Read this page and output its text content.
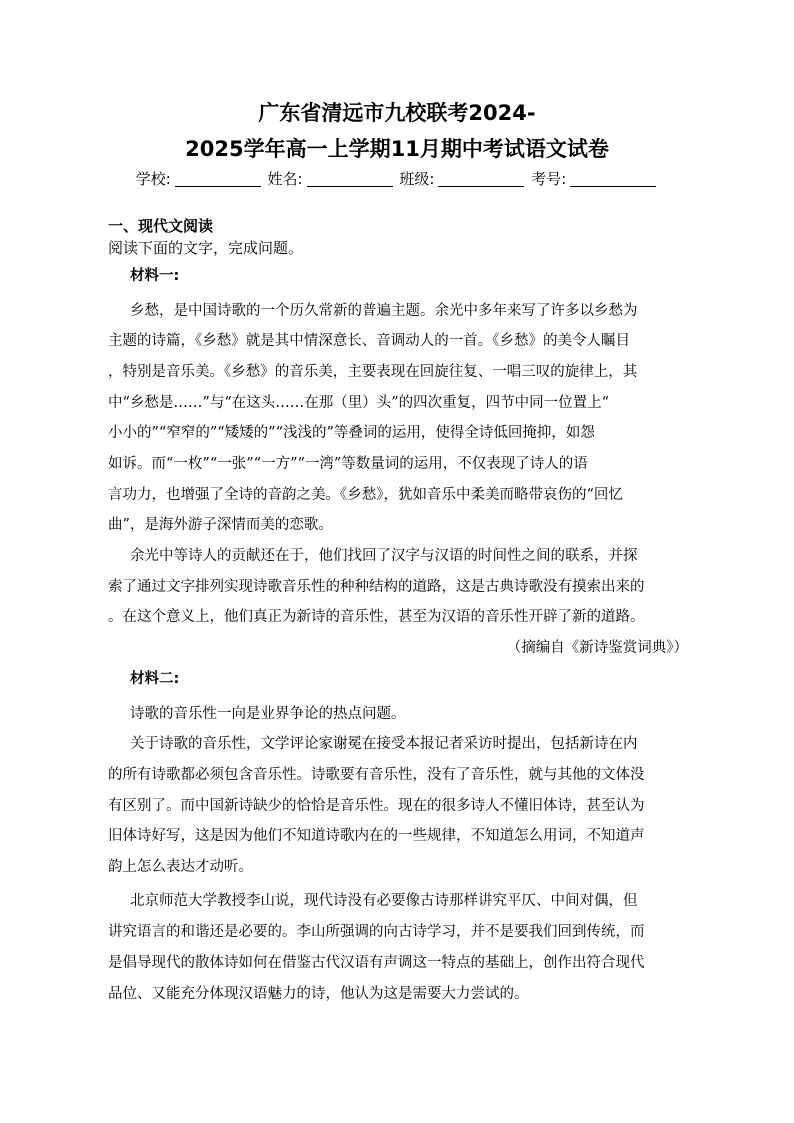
广东省清远市九校联考2024-
2025学年高一上学期11月期中考试语文试卷
学校:	姓名:	班级:	考号:
一、现代文阅读
阅读下面的文字，完成问题。
材料一:
乡愁，是中国诗歌的一个历久常新的普遍主题。余光中多年来写了许多以乡愁为
主题的诗篇，《乡愁》就是其中情深意长、音调动人的一首。《乡愁》的美令人瞩目
，特别是音乐美。《乡愁》的音乐美，主要表现在回旋往复、一唱三叹的旋律上，其
中“乡愁是……”与“在这头……在那（里）头”的四次重复，四节中同一位置上“
小小的”“窄窄的”“矮矮的”“浅浅的”等叠词的运用，使得全诗低回掩抑，如怨
如诉。而“一枚”“一张”“一方”“一湾”等数量词的运用，不仅表现了诗人的语
言功力，也增强了全诗的音韵之美。《乡愁》，犹如音乐中柔美而略带哀伤的“回忆
曲”，是海外游子深情而美的恋歌。
余光中等诗人的贡献还在于，他们找回了汉字与汉语的时间性之间的联系，并探
索了通过文字排列实现诗歌音乐性的种种结构的道路，这是古典诗歌没有摸索出来的
。在这个意义上，他们真正为新诗的音乐性，甚至为汉语的音乐性开辟了新的道路。
（摘编自《新诗鉴赏词典》）
材料二:
诗歌的音乐性一向是业界争论的热点问题。
关于诗歌的音乐性，文学评论家谢冕在接受本报记者采访时提出，包括新诗在内
的所有诗歌都必须包含音乐性。诗歌要有音乐性，没有了音乐性，就与其他的文体没
有区别了。而中国新诗缺少的恰恰是音乐性。现在的很多诗人不懂旧体诗，甚至认为
旧体诗好写，这是因为他们不知道诗歌内在的一些规律，不知道怎么用词，不知道声
韵上怎么表达才动听。
北京师范大学教授李山说，现代诗没有必要像古诗那样讲究平仄、中间对偶，但
讲究语言的和谐还是必要的。李山所强调的向古诗学习，并不是要我们回到传统，而
是倡导现代的散体诗如何在借鉴古代汉语有声调这一特点的基础上，创作出符合现代
品位、又能充分体现汉语魅力的诗，他认为这是需要大力尝试的。
